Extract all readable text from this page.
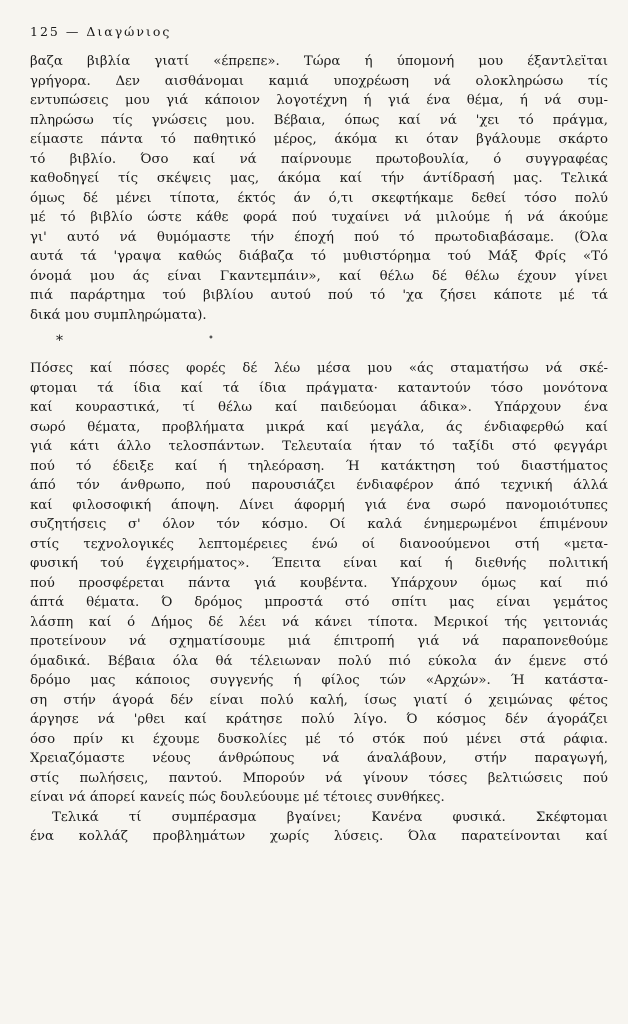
125 — Διαγώνιος
βαζα βιβλία γιατί «έπρεπε». Τώρα ή ύπομονή μου έξαντλεϊται
γρήγορα. Δεν αισθάνομαι καμιά υποχρέωση νά ολοκληρώσω τίς
εντυπώσεις μου γιά κάποιον λογοτέχνη ή γιά ένα θέμα, ή νά συμ-
πληρώσω τίς γνώσεις μου. Βέβαια, όπως καί νά 'χει τό πράγμα,
είμαστε πάντα τό παθητικό μέρος, άκόμα κι όταν βγάλουμε σκάρτο
τό βιβλίο. Όσο καί νά παίρνουμε πρωτοβουλία, ό συγγραφέας
καθοδηγεί τίς σκέψεις μας, άκόμα καί τήν άντίδρασή μας. Τελικά
όμως δέ μένει τίποτα, έκτός άν ό,τι σκεφτήκαμε δεθεί τόσο πολύ
μέ τό βιβλίο ώστε κάθε φορά πού τυχαίνει νά μιλούμε ή νά άκούμε
γι' αυτό νά θυμόμαστε τήν έποχή πού τό πρωτοδιαβάσαμε. (Όλα
αυτά τά 'γραψα καθώς διάβαζα τό μυθιστόρημα τού Μάξ Φρίς «Τό
όνομά μου άς είναι Γκαντεμπάιν», καί θέλω δέ θέλω έχουν γίνει
πιά παράρτημα τού βιβλίου αυτού πού τό 'χα ζήσει κάποτε μέ τά
δικά μου συμπληρώματα).
*	•
Πόσες καί πόσες φορές δέ λέω μέσα μου «άς σταματήσω νά σκέ-
φτομαι τά ίδια καί τά ίδια πράγματα· καταντούν τόσο μονότονα
καί κουραστικά, τί θέλω καί παιδεύομαι άδικα». Υπάρχουν ένα
σωρό θέματα, προβλήματα μικρά καί μεγάλα, άς ένδιαφερθώ καί
γιά κάτι άλλο τελοσπάντων. Τελευταία ήταν τό ταξίδι στό φεγγάρι
πού τό έδειξε καί ή τηλεόραση. Ή κατάκτηση τού διαστήματος
άπό τόν άνθρωπο, πού παρουσιάζει ένδιαφέρον άπό τεχνική άλλά
καί φιλοσοφική άποψη. Δίνει άφορμή γιά ένα σωρό πανομοιότυπες
συζητήσεις σ' όλον τόν κόσμο. Οί καλά ένημερωμένοι έπιμένουν
στίς τεχνολογικές λεπτομέρειες ένώ οί διανοούμενοι στή «μετα-
φυσική τού έγχειρήματος». Έπειτα είναι καί ή διεθνής πολιτική
πού προσφέρεται πάντα γιά κουβέντα. Υπάρχουν όμως καί πιό
άπτά θέματα. Ό δρόμος μπροστά στό σπίτι μας είναι γεμάτος
λάσπη καί ό Δήμος δέ λέει νά κάνει τίποτα. Μερικοί τής γειτονιάς
προτείνουν νά σχηματίσουμε μιά έπιτροπή γιά νά παραπονεθούμε
όμαδικά. Βέβαια όλα θά τέλειωναν πολύ πιό εύκολα άν έμενε στό
δρόμο μας κάποιος συγγενής ή φίλος τών «Αρχών». Ή κατάστα-
ση στήν άγορά δέν είναι πολύ καλή, ίσως γιατί ό χειμώνας φέτος
άργησε νά 'ρθει καί κράτησε πολύ λίγο. Ό κόσμος δέν άγοράζει
όσο πρίν κι έχουμε δυσκολίες μέ τό στόκ πού μένει στά ράφια.
Χρειαζόμαστε νέους άνθρώπους νά άναλάβουν, στήν παραγωγή,
στίς πωλήσεις, παντού. Μπορούν νά γίνουν τόσες βελτιώσεις πού
είναι νά άπορεί κανείς πώς δουλεύουμε μέ τέτοιες συνθήκες.
Τελικά τί συμπέρασμα βγαίνει; Κανένα φυσικά. Σκέφτομαι
ένα κολλάζ προβλημάτων χωρίς λύσεις. Όλα παρατείνονται καί
